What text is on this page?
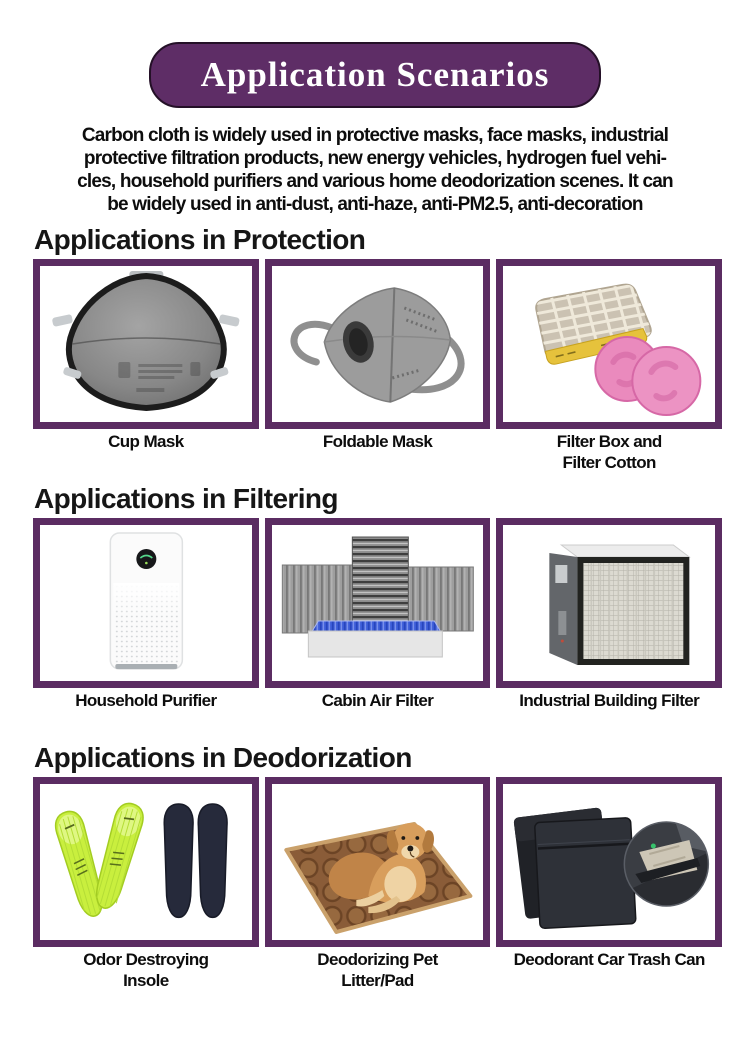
Application Scenarios
Carbon cloth is widely used in protective masks, face masks, industrial
protective filtration products, new energy vehicles, hydrogen fuel vehi-
cles, household purifiers and various home deodorization scenes. It can
be widely used in anti-dust, anti-haze, anti-PM2.5, anti-decoration
Applications in Protection
Cup Mask	Foldable Mask	Filter Box and
Filter Cotton
Applications in Filtering
Household Purifier	Cabin Air Filter	Industrial Building Filter
Applications in Deodorization
Odor Destroying
Insole
Deodorizing Pet
Litter/Pad
Deodorant Car Trash Can
